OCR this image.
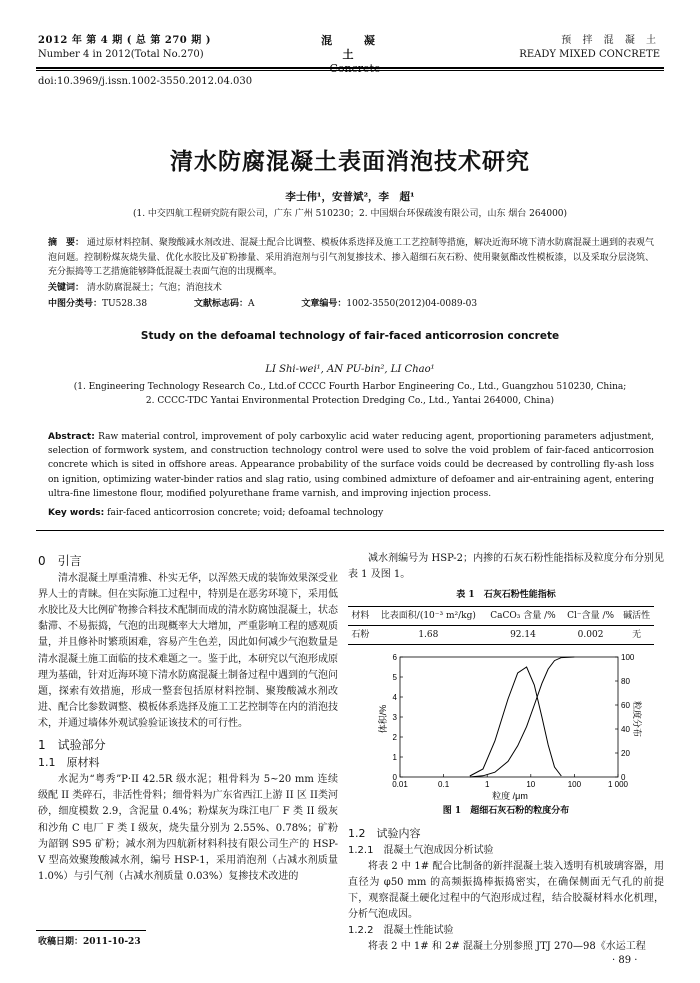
2012 年 第 4 期 ( 总 第 270 期 )
Number 4 in 2012(Total No.270)
混 凝 土
预 拌 混 凝 土
READY MIXED CONCRETE
doi:10.3969/j.issn.1002-3550.2012.04.030
清水防腐混凝土表面消泡技术研究
李士伟¹，安普斌²，李　超¹
(1. 中交四航工程研究院有限公司，广东 广州 510230；2. 中国烟台环保疏浚有限公司，山东 烟台 264000)
摘　要： 通过原材料控制、聚羧酸减水剂改进、混凝土配合比调整、模板体系选择及施工工艺控制等措施，解决近海环境下清水防腐混凝土遇到的表观气泡问题。控制粉煤灰烧失量、优化水胶比及矿粉掺量、采用消泡剂与引气剂复掺技术、掺入超细石灰石粉、使用聚氨酯改性模板漆，以及采取分层浇筑、充分振捣等工艺措施能够降低混凝土表面气泡的出现概率。
关键词： 清水防腐混凝土；气泡；消泡技术
中图分类号：TU528.38	文献标志码：A	文章编号：1002-3550(2012)04-0089-03
Study on the defoamal technology of fair-faced anticorrosion concrete
LI Shi-wei¹, AN PU-bin², LI Chao¹
(1. Engineering Technology Research Co., Ltd.of CCCC Fourth Harbor Engineering Co., Ltd., Guangzhou 510230, China;
2. CCCC-TDC Yantai Environmental Protection Dredging Co., Ltd., Yantai 264000, China)
Abstract: Raw material control, improvement of poly carboxylic acid water reducing agent, proportioning parameters adjustment, selection of formwork system, and construction technology control were used to solve the void problem of fair-faced anticorrosion concrete which is sited in offshore areas. Appearance probability of the surface voids could be decreased by controlling fly-ash loss on ignition, optimizing water-binder ratios and slag ratio, using combined admixture of defoamer and air-entraining agent, entering ultra-fine limestone flour, modified polyurethane frame varnish, and improving injection process.
Key words: fair-faced anticorrosion concrete; void; defoamal technology
0　引言

清水混凝土厚重清雅、朴实无华，以浑然天成的装饰效果深受业界人士的青睐。但在实际施工过程中，特别是在恶劣环境下，采用低水胶比及大比例矿物掺合料技术配制而成的清水防腐蚀混凝土，状态黏滞、不易振捣，气泡的出现概率大大增加，严重影响工程的感观质量，并且修补时繁琐困难，容易产生色差，因此如何减少气泡数量是清水混凝土施工面临的技术难题之一。鉴于此，本研究以气泡形成原理为基础，针对近海环境下清水防腐混凝土制备过程中遇到的气泡问题，探索有效措施，形成一整套包括原材料控制、聚羧酸减水剂改进、配合比参数调整、模板体系选择及施工工艺控制等在内的消泡技术，并通过墙体外观试验验证该技术的可行性。

1　试验部分
1.1　原材料

水泥为“粤秀”P·II 42.5R 级水泥；粗骨料为 5~20 mm 连续级配 II 类碎石，非活性骨料；细骨料为广东省西江上游 II 区 II类河砂，细度模数 2.9，含泥量 0.4%；粉煤灰为珠江电厂 F 类 II 级灰和沙角 C 电厂 F 类 I 级灰，烧失量分别为 2.55%、0.78%；矿粉为韶钢 S95 矿粉；减水剂为四航新材料科技有限公司生产的 HSP-V 型高效聚羧酸减水剂，编号 HSP-1，采用消泡剂（占减水剂质量 1.0%）与引气剂（占减水剂质量 0.03%）复掺技术改进的

减水剂编号为 HSP-2；内掺的石灰石粉性能指标及粒度分布分别见表 1 及图 1。

表 1　石灰石粉性能指标
材料	比表面积/(10⁻³ m²/kg)	CaCO₃ 含量 /%	Cl⁻含量 /%	碱活性
石粉	1.68	92.14	0.002	无
体积/%	粒度分布
粒度 /μm
0.01	0.1	1	10	100	1 000
0
1
2
3
4
5
6
0
20
40
60
80
100
图 1　超细石灰石粉的粒度分布
1.2　试验内容
1.2.1　混凝土气泡成因分析试验

将表 2 中 1# 配合比制备的新拌混凝土装入透明有机玻璃容器，用直径为 φ50 mm 的高频振捣棒振捣密实，在确保侧面无气孔的前提下，观察混凝土硬化过程中的气泡形成过程，结合胶凝材料水化机理，分析气泡成因。

1.2.2　混凝土性能试验

将表 2 中 1# 和 2# 混凝土分别参照 JTJ 270—98《水运工程

收稿日期：2011-10-23
· 89 ·
